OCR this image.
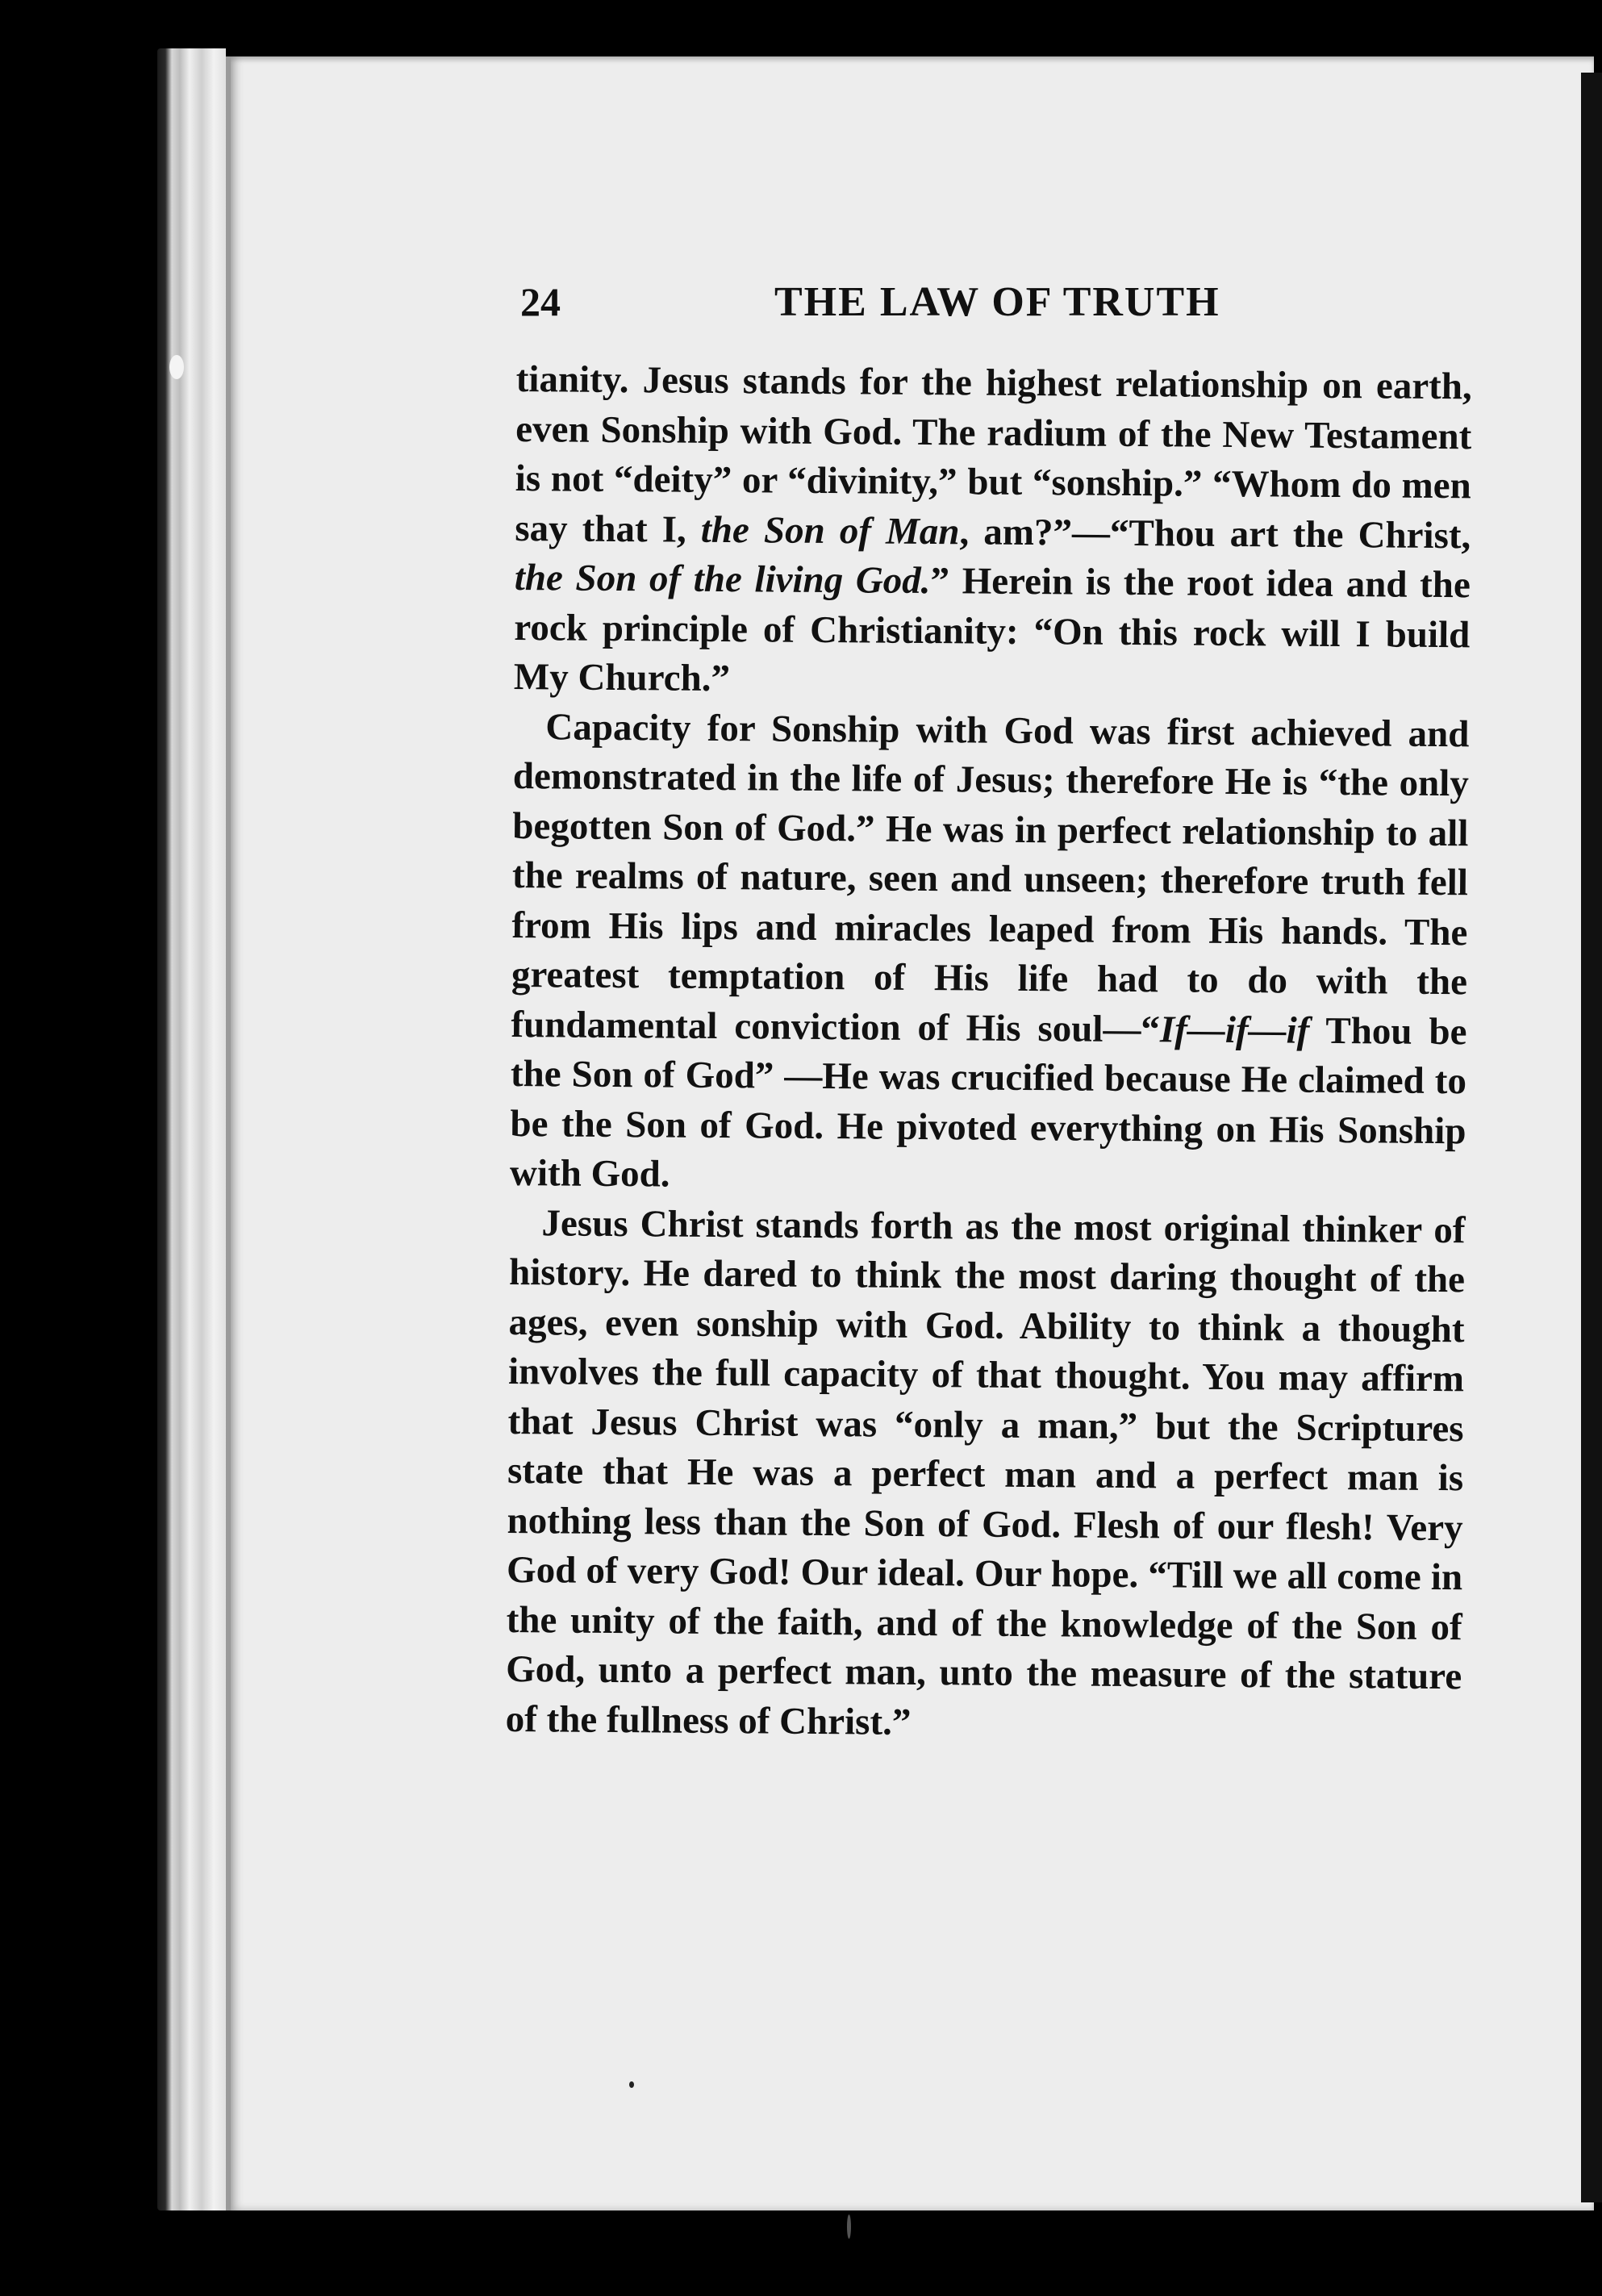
24	THE LAW OF TRUTH

tianity. Jesus stands for the highest relationship on earth, even Sonship with God. The radium of the New Testament is not “deity” or “divinity,” but “sonship.” “Whom do men say that I, the Son of Man, am?”—“Thou art the Christ, the Son of the living God.” Herein is the root idea and the rock principle of Christianity: “On this rock will I build My Church.”

Capacity for Sonship with God was first achieved and demonstrated in the life of Jesus; therefore He is “the only begotten Son of God.” He was in perfect relationship to all the realms of nature, seen and unseen; therefore truth fell from His lips and miracles leaped from His hands. The greatest temptation of His life had to do with the fundamental conviction of His soul—“If—if—if Thou be the Son of God” —He was crucified because He claimed to be the Son of God. He pivoted everything on His Sonship with God.

Jesus Christ stands forth as the most original thinker of history. He dared to think the most daring thought of the ages, even sonship with God. Ability to think a thought involves the full capacity of that thought. You may affirm that Jesus Christ was “only a man,” but the Scriptures state that He was a perfect man and a perfect man is nothing less than the Son of God. Flesh of our flesh! Very God of very God! Our ideal. Our hope. “Till we all come in the unity of the faith, and of the knowledge of the Son of God, unto a perfect man, unto the measure of the stature of the fullness of Christ.”
